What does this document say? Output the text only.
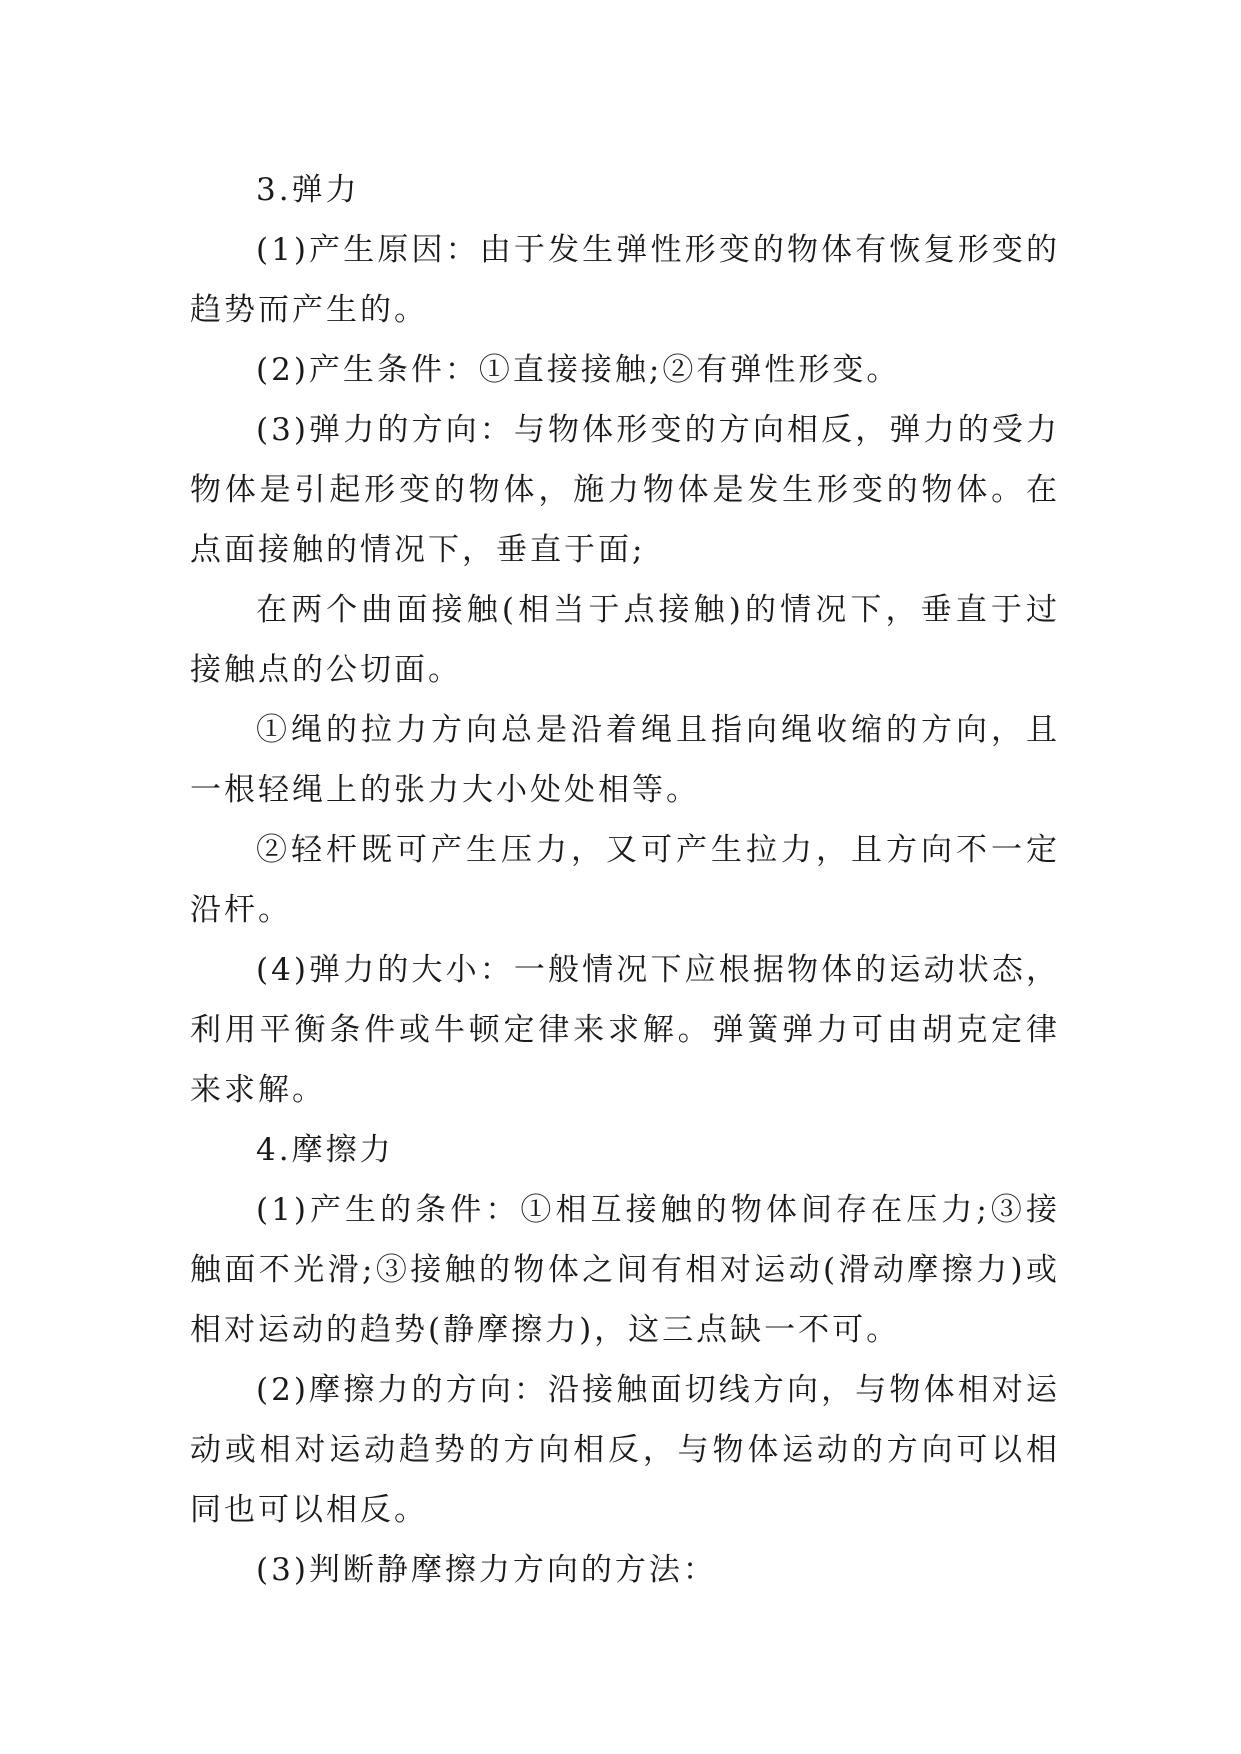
3.弹力

(1)产生原因：由于发生弹性形变的物体有恢复形变的趋势而产生的。

(2)产生条件：①直接接触;②有弹性形变。

(3)弹力的方向：与物体形变的方向相反，弹力的受力物体是引起形变的物体，施力物体是发生形变的物体。在点面接触的情况下，垂直于面;

在两个曲面接触(相当于点接触)的情况下，垂直于过接触点的公切面。

①绳的拉力方向总是沿着绳且指向绳收缩的方向，且一根轻绳上的张力大小处处相等。

②轻杆既可产生压力，又可产生拉力，且方向不一定沿杆。

(4)弹力的大小：一般情况下应根据物体的运动状态，利用平衡条件或牛顿定律来求解。弹簧弹力可由胡克定律来求解。

4.摩擦力

(1)产生的条件：①相互接触的物体间存在压力;③接触面不光滑;③接触的物体之间有相对运动(滑动摩擦力)或相对运动的趋势(静摩擦力)，这三点缺一不可。

(2)摩擦力的方向：沿接触面切线方向，与物体相对运动或相对运动趋势的方向相反，与物体运动的方向可以相同也可以相反。

(3)判断静摩擦力方向的方法：
